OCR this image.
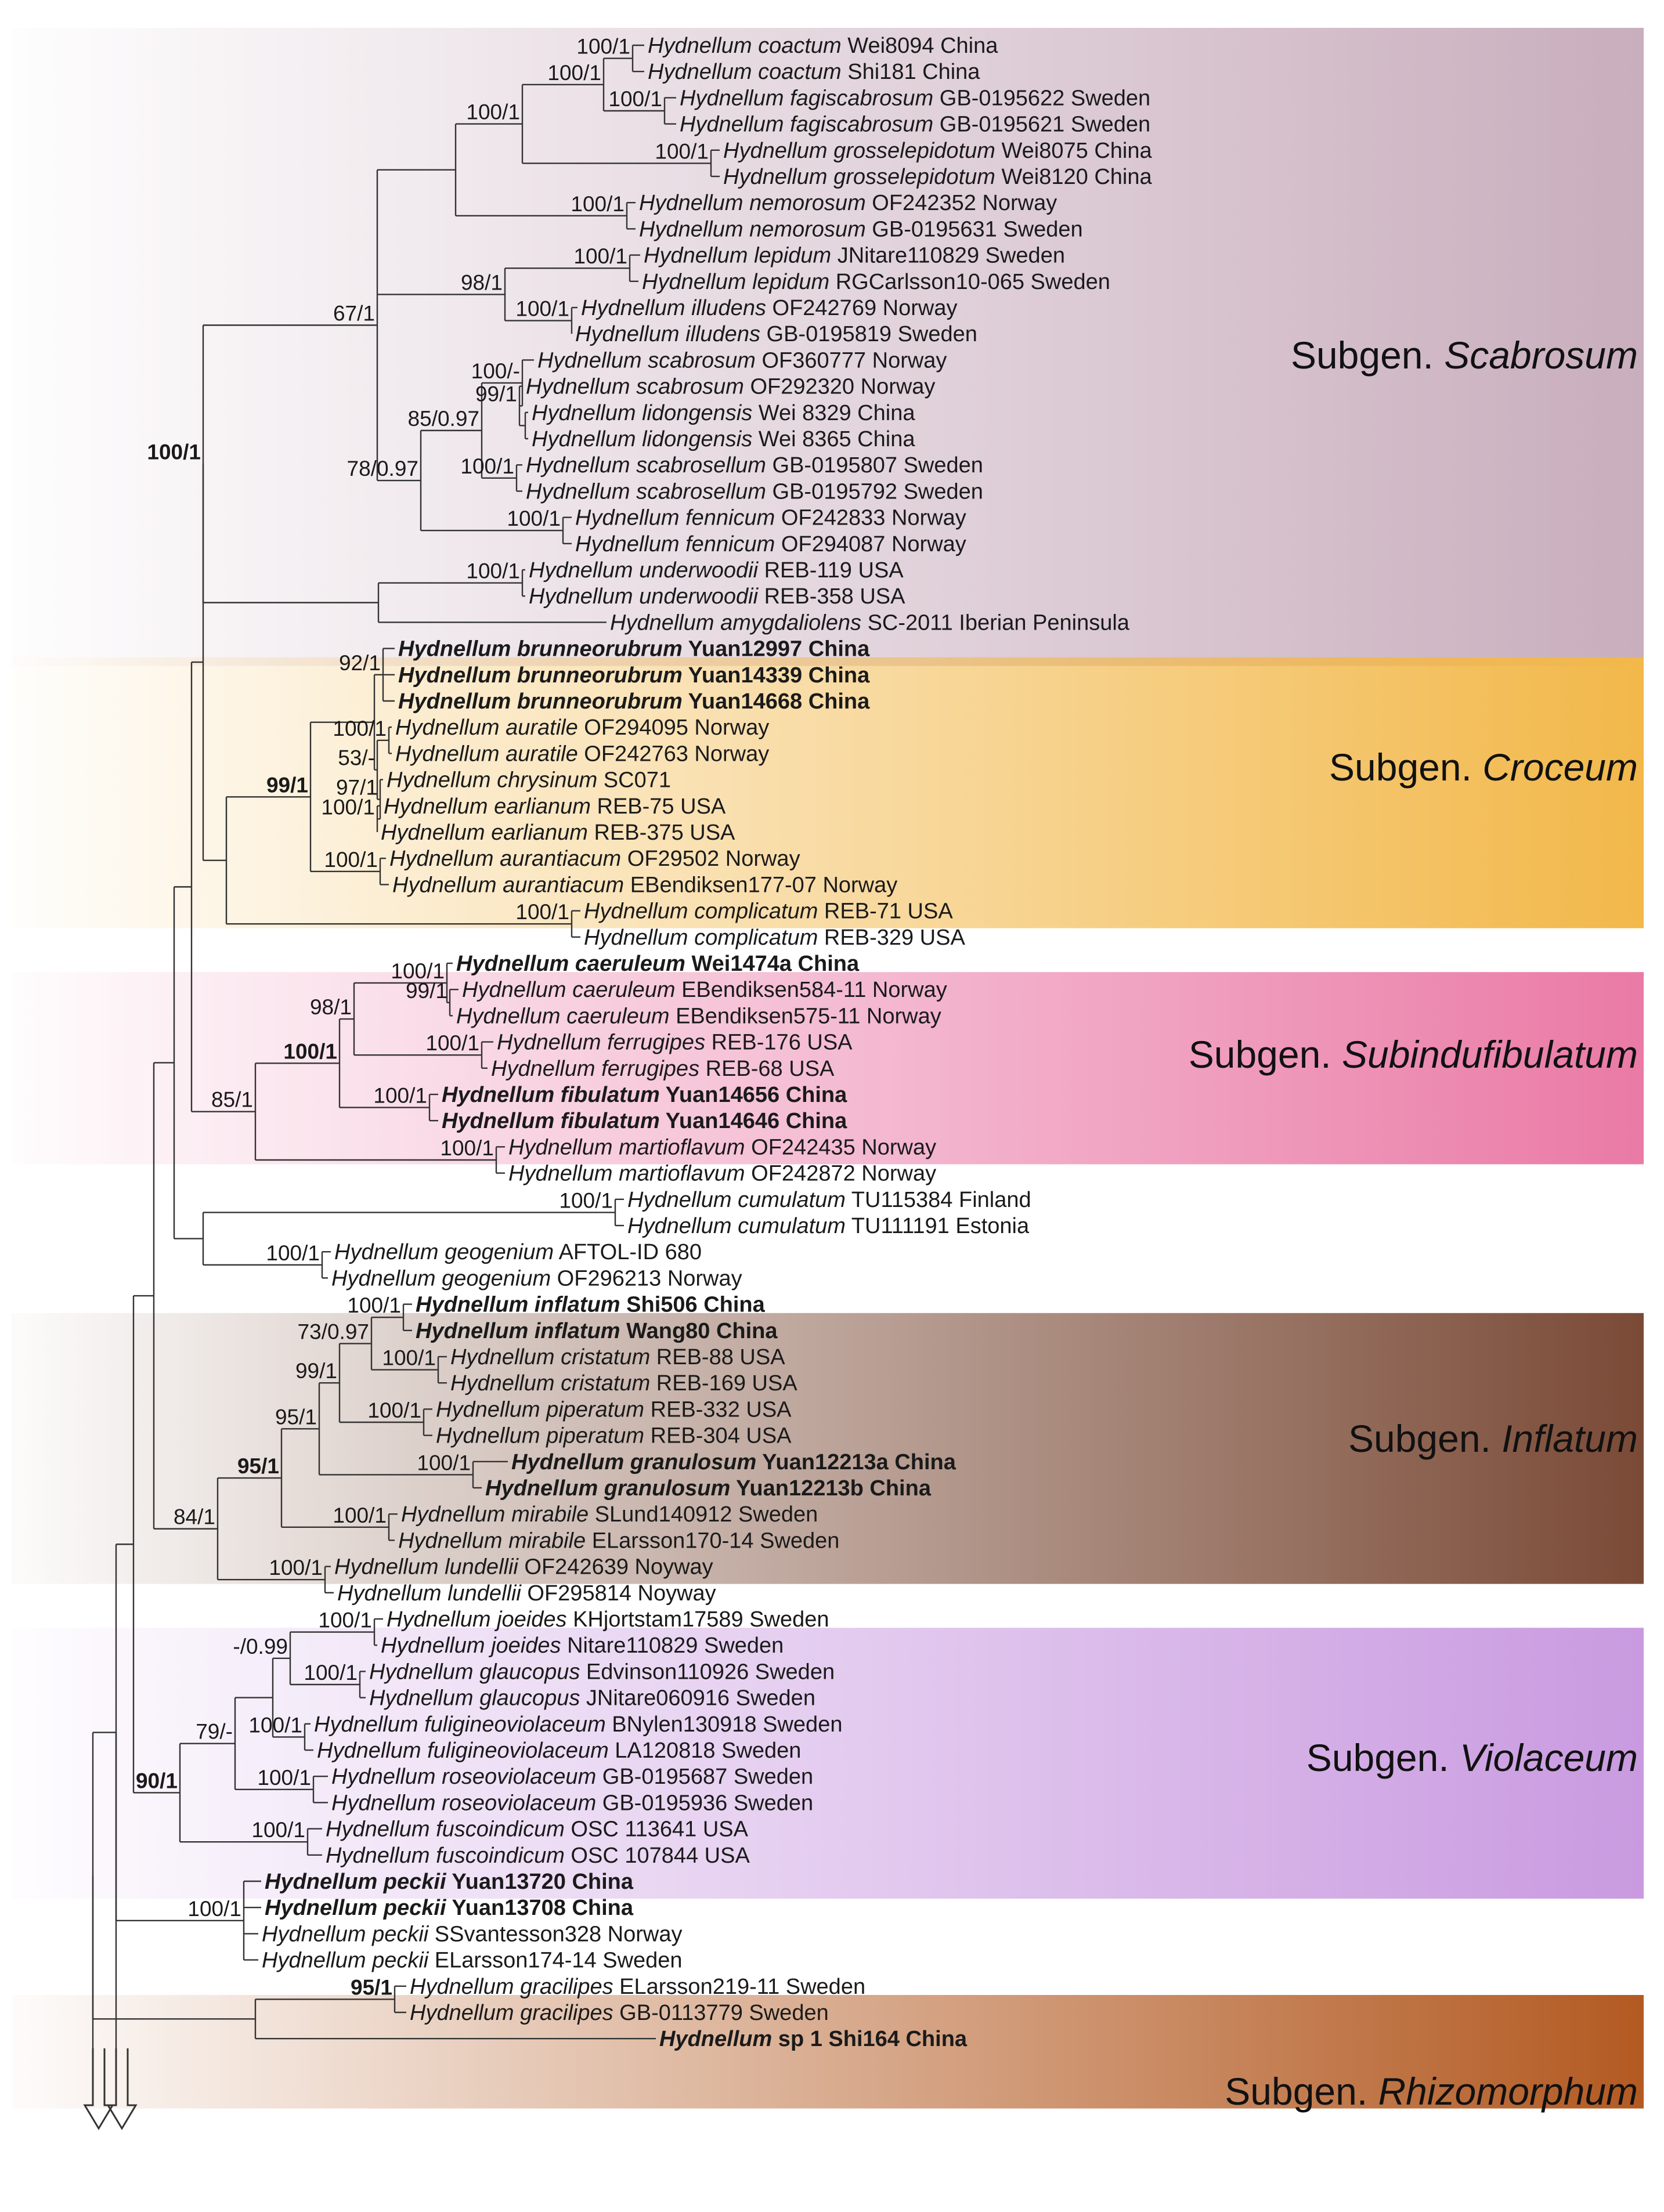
100/1
67/1
100/1
100/1
100/1
100/1
100/1
100/1
98/1
100/1
100/1
78/0.97
85/0.97
100/-
99/1
100/1
100/1
100/1
99/1
92/1
53/-
100/1
97/1
100/1
100/1
100/1
85/1
100/1
98/1
100/1
99/1
100/1
100/1
100/1
100/1
100/1
84/1
95/1
95/1
99/1
73/0.97
100/1
100/1
100/1
100/1
100/1
100/1
90/1
79/-
-/0.99
100/1
100/1
100/1
100/1
100/1
100/1
95/1
Hydnellum coactum Wei8094 China
Hydnellum coactum Shi181 China
Hydnellum fagiscabrosum GB-0195622 Sweden
Hydnellum fagiscabrosum GB-0195621 Sweden
Hydnellum grosselepidotum Wei8075 China
Hydnellum grosselepidotum Wei8120 China
Hydnellum nemorosum OF242352 Norway
Hydnellum nemorosum GB-0195631 Sweden
Hydnellum lepidum JNitare110829 Sweden
Hydnellum lepidum RGCarlsson10-065 Sweden
Hydnellum illudens OF242769 Norway
Hydnellum illudens GB-0195819 Sweden
Hydnellum scabrosum OF360777 Norway
Hydnellum scabrosum OF292320 Norway
Hydnellum lidongensis Wei 8329 China
Hydnellum lidongensis Wei 8365 China
Hydnellum scabrosellum GB-0195807 Sweden
Hydnellum scabrosellum GB-0195792 Sweden
Hydnellum fennicum OF242833 Norway
Hydnellum fennicum OF294087 Norway
Hydnellum underwoodii REB-119 USA
Hydnellum underwoodii REB-358 USA
Hydnellum amygdaliolens SC-2011 Iberian Peninsula
Hydnellum brunneorubrum Yuan12997 China
Hydnellum brunneorubrum Yuan14339 China
Hydnellum brunneorubrum Yuan14668 China
Hydnellum auratile OF294095 Norway
Hydnellum auratile OF242763 Norway
Hydnellum chrysinum SC071
Hydnellum earlianum REB-75 USA
Hydnellum earlianum REB-375 USA
Hydnellum aurantiacum OF29502 Norway
Hydnellum aurantiacum EBendiksen177-07 Norway
Hydnellum complicatum REB-71 USA
Hydnellum complicatum REB-329 USA
Hydnellum caeruleum Wei1474a China
Hydnellum caeruleum EBendiksen584-11 Norway
Hydnellum caeruleum EBendiksen575-11 Norway
Hydnellum ferrugipes REB-176 USA
Hydnellum ferrugipes REB-68 USA
Hydnellum fibulatum Yuan14656 China
Hydnellum fibulatum Yuan14646 China
Hydnellum martioflavum OF242435 Norway
Hydnellum martioflavum OF242872 Norway
Hydnellum cumulatum TU115384 Finland
Hydnellum cumulatum TU111191 Estonia
Hydnellum geogenium AFTOL-ID 680
Hydnellum geogenium OF296213 Norway
Hydnellum inflatum Shi506 China
Hydnellum inflatum Wang80 China
Hydnellum cristatum REB-88 USA
Hydnellum cristatum REB-169 USA
Hydnellum piperatum REB-332 USA
Hydnellum piperatum REB-304 USA
Hydnellum granulosum Yuan12213a China
Hydnellum granulosum Yuan12213b China
Hydnellum mirabile SLund140912 Sweden
Hydnellum mirabile ELarsson170-14 Sweden
Hydnellum lundellii OF242639 Noyway
Hydnellum lundellii OF295814 Noyway
Hydnellum joeides KHjortstam17589 Sweden
Hydnellum joeides Nitare110829 Sweden
Hydnellum glaucopus Edvinson110926 Sweden
Hydnellum glaucopus JNitare060916 Sweden
Hydnellum fuligineoviolaceum BNylen130918 Sweden
Hydnellum fuligineoviolaceum LA120818 Sweden
Hydnellum roseoviolaceum GB-0195687 Sweden
Hydnellum roseoviolaceum GB-0195936 Sweden
Hydnellum fuscoindicum OSC 113641 USA
Hydnellum fuscoindicum OSC 107844 USA
Hydnellum peckii Yuan13720 China
Hydnellum peckii Yuan13708 China
Hydnellum peckii SSvantesson328 Norway
Hydnellum peckii ELarsson174-14 Sweden
Hydnellum gracilipes ELarsson219-11 Sweden
Hydnellum gracilipes GB-0113779 Sweden
Hydnellum sp 1 Shi164 China
Subgen. Scabrosum
Subgen. Croceum
Subgen. Subindufibulatum
Subgen. Inflatum
Subgen. Violaceum
Subgen. Rhizomorphum
